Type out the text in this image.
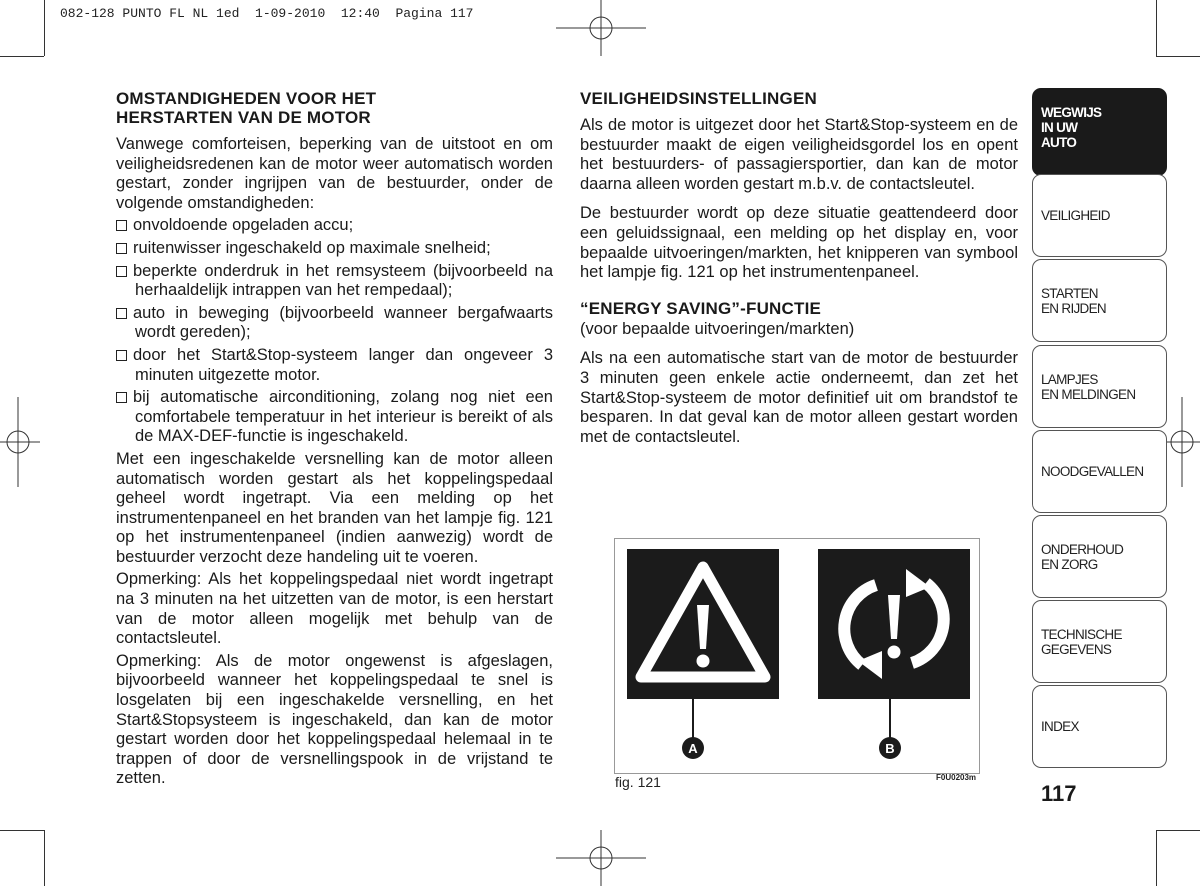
082-128 PUNTO FL NL 1ed  1-09-2010  12:40  Pagina 117
OMSTANDIGHEDEN VOOR HET
HERSTARTEN VAN DE MOTOR

Vanwege comforteisen, beperking van de uitstoot en om veiligheidsredenen kan de motor weer automatisch worden gestart, zonder ingrijpen van de bestuurder, onder de volgende omstandigheden:

onvoldoende opgeladen accu;
ruitenwisser ingeschakeld op maximale snelheid;
beperkte onderdruk in het remsysteem (bijvoorbeeld na herhaaldelijk intrappen van het rempedaal);
auto in beweging (bijvoorbeeld wanneer bergafwaarts wordt gereden);
door het Start&Stop-systeem langer dan ongeveer 3 minuten uitgezette motor.
bij automatische airconditioning, zolang nog niet een comfortabele temperatuur in het interieur is bereikt of als de MAX-DEF-functie is ingeschakeld.

Met een ingeschakelde versnelling kan de motor alleen automatisch worden gestart als het koppelingspedaal geheel wordt ingetrapt. Via een melding op het instrumentenpaneel en het branden van het lampje fig. 121 op het instrumentenpaneel (indien aanwezig) wordt de bestuurder verzocht deze handeling uit te voeren.

Opmerking: Als het koppelingspedaal niet wordt ingetrapt na 3 minuten na het uitzetten van de motor, is een herstart van de motor alleen mogelijk met behulp van de contactsleutel.

Opmerking: Als de motor ongewenst is afgeslagen, bijvoorbeeld wanneer het koppelingspedaal te snel is losgelaten bij een ingeschakelde versnelling, en het Start&Stopsysteem is ingeschakeld, dan kan de motor gestart worden door het koppelingspedaal helemaal in te trappen of door de versnellingspook in de vrijstand te zetten.

VEILIGHEIDSINSTELLINGEN

Als de motor is uitgezet door het Start&Stop-systeem en de bestuurder maakt de eigen veiligheidsgordel los en opent het bestuurders- of passagiersportier, dan kan de motor daarna alleen worden gestart m.b.v. de contactsleutel.

De bestuurder wordt op deze situatie geattendeerd door een geluidssignaal, een melding op het display en, voor bepaalde uitvoeringen/markten, het knipperen van symbool het lampje fig. 121 op het instrumentenpaneel.

“ENERGY SAVING”-FUNCTIE

(voor bepaalde uitvoeringen/markten)

Als na een automatische start van de motor de bestuurder 3 minuten geen enkele actie onderneemt, dan zet het Start&Stop-systeem de motor definitief uit om brandstof te besparen. In dat geval kan de motor alleen gestart worden met de contactsleutel.

A	B
fig. 121	F0U0203m
WEGWIJS
IN UW
AUTO
VEILIGHEID
STARTEN
EN RIJDEN
LAMPJES
EN MELDINGEN
NOODGEVALLEN
ONDERHOUD
EN ZORG
TECHNISCHE
GEGEVENS
INDEX
117
